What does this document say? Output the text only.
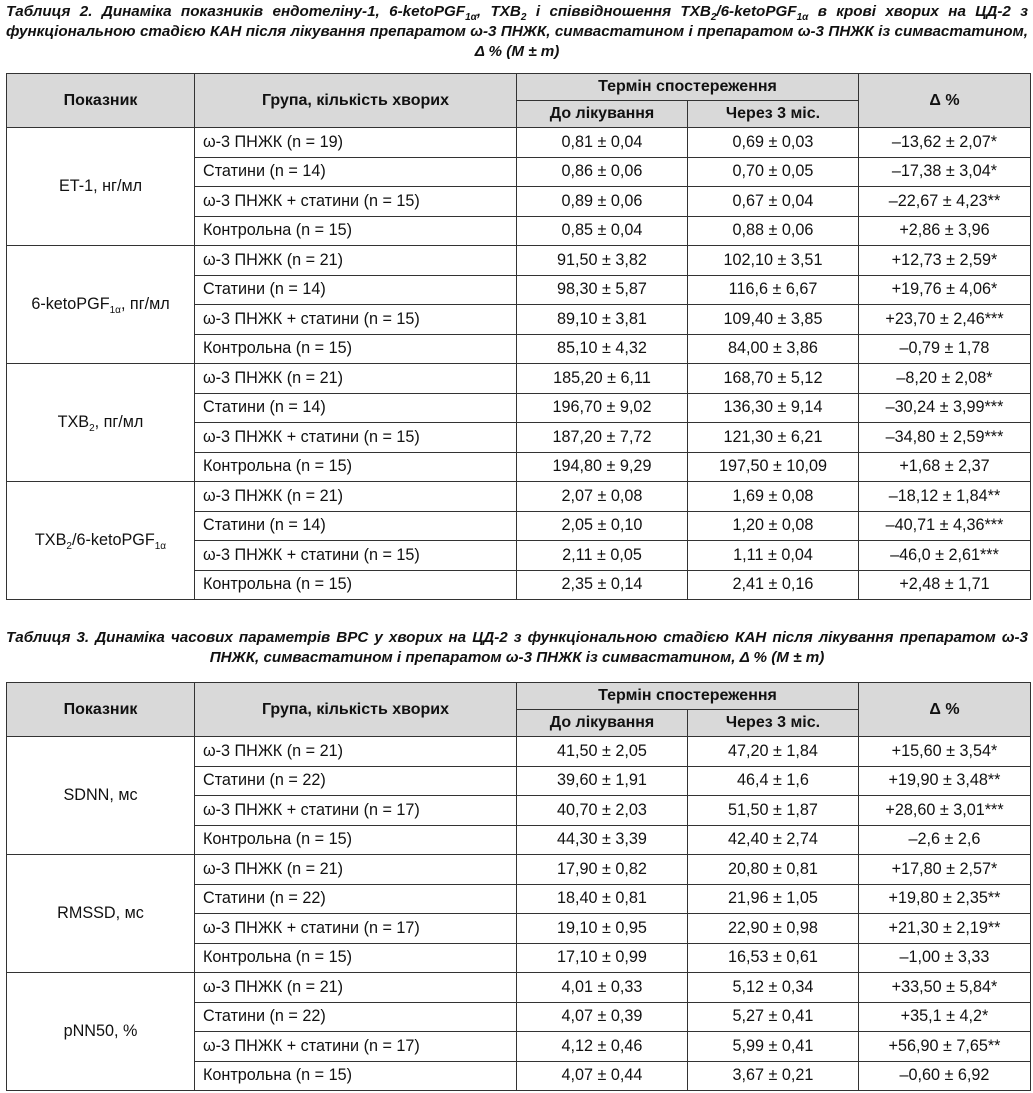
Таблиця 2. Динаміка показників ендотеліну-1, 6-ketoPGF$_{1\alpha}$, $TXB_2$ і співвідношення $TXB_2/6-ketoPGF_{1\alpha}$ в крові хворих на ЦД-2 з функціональною стадією КАН після лікування препаратом ω-3 ПНЖК, симвастатином і препаратом ω-3 ПНЖК із симвастатином, Δ % (M ± m)
Показник	Група, кількість хворих	Термін спостереження		Δ %
		До лікування	Через 3 міс.	
ET-1, нг/мл	ω-3 ПНЖК (n = 19)	0,81 ± 0,04	0,69 ± 0,03	–13,62 ± 2,07*
	Статини (n = 14)	0,86 ± 0,06	0,70 ± 0,05	–17,38 ± 3,04*
	ω-3 ПНЖК + статини (n = 15)	0,89 ± 0,06	0,67 ± 0,04	–22,67 ± 4,23**
	Контрольна (n = 15)	0,85 ± 0,04	0,88 ± 0,06	+2,86 ± 3,96
6-ketoPGF$_{1\alpha}$, пг/мл	ω-3 ПНЖК (n = 21)	91,50 ± 3,82	102,10 ± 3,51	+12,73 ± 2,59*
	Статини (n = 14)	98,30 ± 5,87	116,6 ± 6,67	+19,76 ± 4,06*
	ω-3 ПНЖК + статини (n = 15)	89,10 ± 3,81	109,40 ± 3,85	+23,70 ± 2,46***
	Контрольна (n = 15)	85,10 ± 4,32	84,00 ± 3,86	–0,79 ± 1,78
$TXB_2$, пг/мл	ω-3 ПНЖК (n = 21)	185,20 ± 6,11	168,70 ± 5,12	–8,20 ± 2,08*
	Статини (n = 14)	196,70 ± 9,02	136,30 ± 9,14	–30,24 ± 3,99***
	ω-3 ПНЖК + статини (n = 15)	187,20 ± 7,72	121,30 ± 6,21	–34,80 ± 2,59***
	Контрольна (n = 15)	194,80 ± 9,29	197,50 ± 10,09	+1,68 ± 2,37
$TXB_2/6-ketoPGF_{1\alpha}$	ω-3 ПНЖК (n = 21)	2,07 ± 0,08	1,69 ± 0,08	–18,12 ± 1,84**
	Статини (n = 14)	2,05 ± 0,10	1,20 ± 0,08	–40,71 ± 4,36***
	ω-3 ПНЖК + статини (n = 15)	2,11 ± 0,05	1,11 ± 0,04	–46,0 ± 2,61***
	Контрольна (n = 15)	2,35 ± 0,14	2,41 ± 0,16	+2,48 ± 1,71
Таблиця 3. Динаміка часових параметрів ВРС у хворих на ЦД-2 з функціональною стадією КАН після лікування препаратом ω-3 ПНЖК, симвастатином і препаратом ω-3 ПНЖК із симвастатином, Δ % (M ± m)
Показник	Група, кількість хворих	Термін спостереження		Δ %
		До лікування	Через 3 міс.	
SDNN, мс	ω-3 ПНЖК (n = 21)	41,50 ± 2,05	47,20 ± 1,84	+15,60 ± 3,54*
	Статини (n = 22)	39,60 ± 1,91	46,4 ± 1,6	+19,90 ± 3,48**
	ω-3 ПНЖК + статини (n = 17)	40,70 ± 2,03	51,50 ± 1,87	+28,60 ± 3,01***
	Контрольна (n = 15)	44,30 ± 3,39	42,40 ± 2,74	–2,6 ± 2,6
RMSSD, мс	ω-3 ПНЖК (n = 21)	17,90 ± 0,82	20,80 ± 0,81	+17,80 ± 2,57*
	Статини (n = 22)	18,40 ± 0,81	21,96 ± 1,05	+19,80 ± 2,35**
	ω-3 ПНЖК + статини (n = 17)	19,10 ± 0,95	22,90 ± 0,98	+21,30 ± 2,19**
	Контрольна (n = 15)	17,10 ± 0,99	16,53 ± 0,61	–1,00 ± 3,33
pNN50, %	ω-3 ПНЖК (n = 21)	4,01 ± 0,33	5,12 ± 0,34	+33,50 ± 5,84*
	Статини (n = 22)	4,07 ± 0,39	5,27 ± 0,41	+35,1 ± 4,2*
	ω-3 ПНЖК + статини (n = 17)	4,12 ± 0,46	5,99 ± 0,41	+56,90 ± 7,65**
	Контрольна (n = 15)	4,07 ± 0,44	3,67 ± 0,21	–0,60 ± 6,92
